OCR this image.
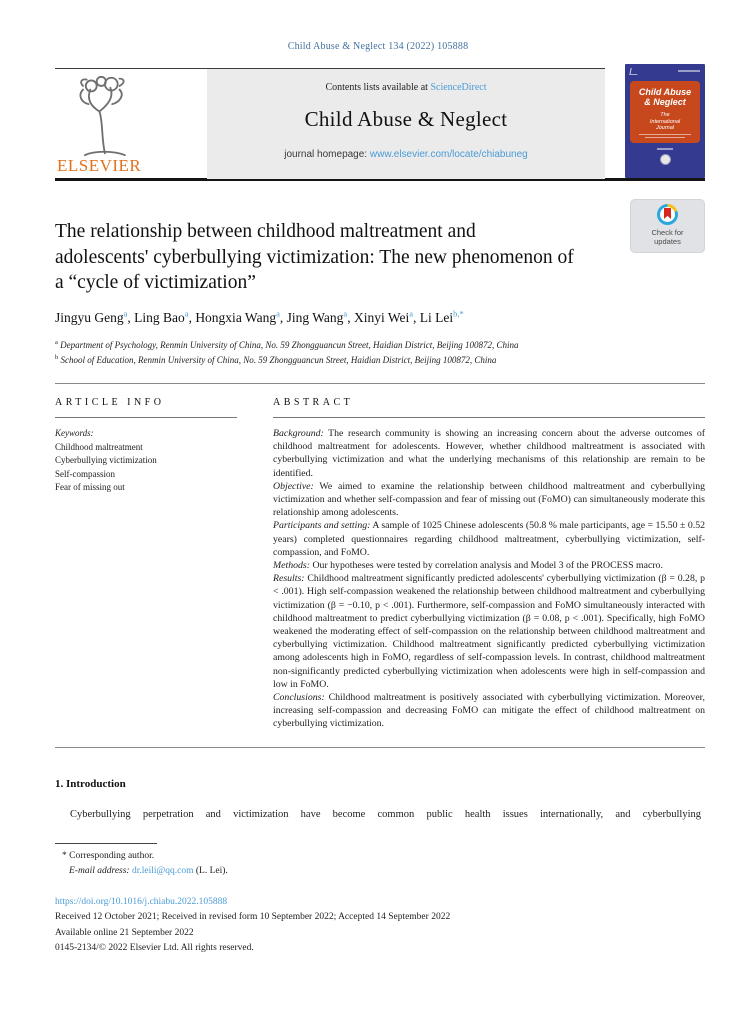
Child Abuse & Neglect 134 (2022) 105888
ELSEVIER
Contents lists available at ScienceDirect
Child Abuse & Neglect
journal homepage: www.elsevier.com/locate/chiabuneg
Child Abuse
& Neglect
The
International
Journal
Check for
updates
The relationship between childhood maltreatment and
adolescents' cyberbullying victimization: The new phenomenon of
a “cycle of victimization”
Jingyu Geng$^a$, Ling Bao$^a$, Hongxia Wang$^a$, Jing Wang$^a$, Xinyi Wei$^a$, Li Lei$^{b,*}$
$^a$ Department of Psychology, Renmin University of China, No. 59 Zhongguancun Street, Haidian District, Beijing 100872, China
$^b$ School of Education, Renmin University of China, No. 59 Zhongguancun Street, Haidian District, Beijing 100872, China
ARTICLE INFO
Keywords:
Childhood maltreatment
Cyberbullying victimization
Self-compassion
Fear of missing out
ABSTRACT

Background: The research community is showing an increasing concern about the adverse outcomes of childhood maltreatment for adolescents. However, whether childhood maltreatment is associated with cyberbullying victimization and what the underlying mechanisms of this relationship are remain to be identified.

Objective: We aimed to examine the relationship between childhood maltreatment and cyberbullying victimization and whether self-compassion and fear of missing out (FoMO) can simultaneously moderate this relationship among adolescents.

Participants and setting: A sample of 1025 Chinese adolescents (50.8 % male participants, age = 15.50 ± 0.52 years) completed questionnaires regarding childhood maltreatment, cyberbullying victimization, self-compassion, and FoMO.

Methods: Our hypotheses were tested by correlation analysis and Model 3 of the PROCESS macro.

Results: Childhood maltreatment significantly predicted adolescents' cyberbullying victimization (β = 0.28, p < .001). High self-compassion weakened the relationship between childhood maltreatment and cyberbullying victimization (β = −0.10, p < .001). Furthermore, self-compassion and FoMO simultaneously interacted with childhood maltreatment to predict cyberbullying victimization (β = 0.08, p < .001). Specifically, high FoMO weakened the moderating effect of self-compassion on the relationship between childhood maltreatment and cyberbullying victimization. Childhood maltreatment significantly predicted cyberbullying victimization among adolescents high in FoMO, regardless of self-compassion levels. In contrast, childhood maltreatment non-significantly predicted cyberbullying victimization when adolescents were high in self-compassion and low in FoMO.

Conclusions: Childhood maltreatment is positively associated with cyberbullying victimization. Moreover, increasing self-compassion and decreasing FoMO can mitigate the effect of childhood maltreatment on cyberbullying victimization.

1. Introduction
Cyberbullying perpetration and victimization have become common public health issues internationally, and cyberbullying
* Corresponding author.
E-mail address: dr.leili@qq.com (L. Lei).
https://doi.org/10.1016/j.chiabu.2022.105888
Received 12 October 2021; Received in revised form 10 September 2022; Accepted 14 September 2022
Available online 21 September 2022
0145-2134/© 2022 Elsevier Ltd. All rights reserved.
